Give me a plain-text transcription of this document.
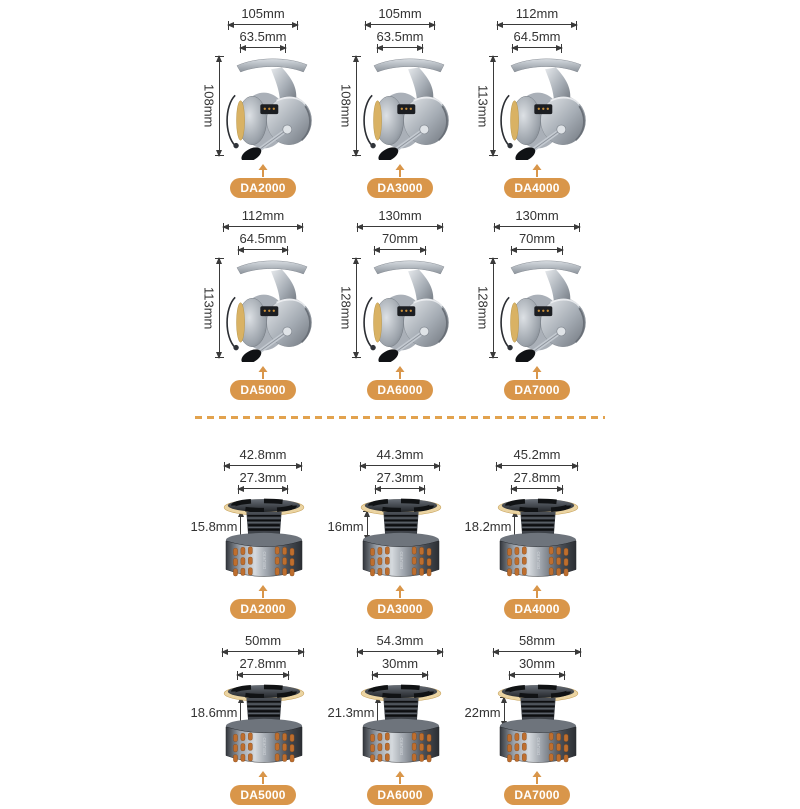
105mm
63.5mm
108mm
DA2000
105mm
63.5mm
108mm
DA3000
112mm
64.5mm
113mm
DA4000
112mm
64.5mm
113mm
DA5000
130mm
70mm
128mm
DA6000
130mm
70mm
128mm
DA7000
42.8mm
27.3mm
15.8mm
DA2000
44.3mm
27.3mm
16mm
DA3000
45.2mm
27.8mm
18.2mm
DA4000
50mm
27.8mm
18.6mm
DA5000
54.3mm
30mm
21.3mm
DA6000
58mm
30mm
22mm
DA7000
